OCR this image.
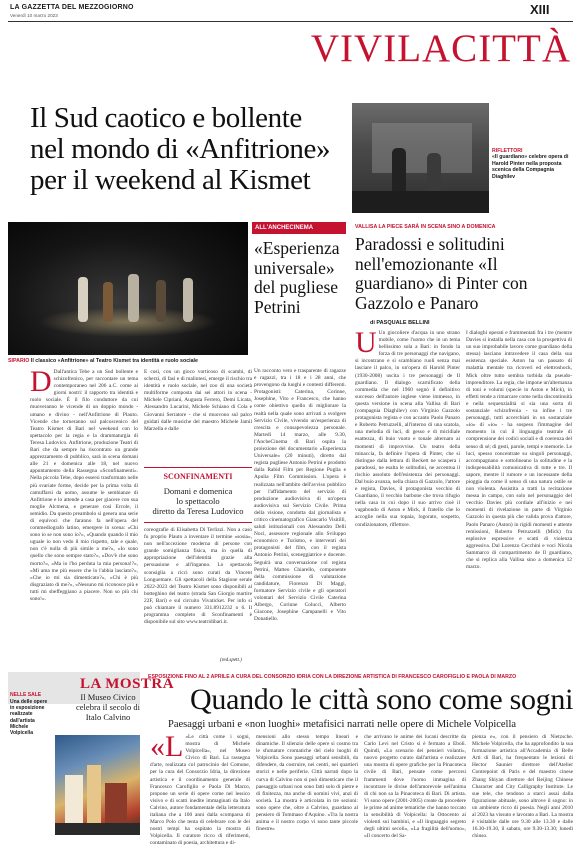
LA GAZZETTA DEL MEZZOGIORNO
Venerdì 10 marzo 2023	XIII
VIVILACITTÀ
Il Sud caotico e bollente nel mondo di «Anfitrione» per il weekend al Kismet
SIPARIO Il classico «Anfitrione» al Teatro Kismet tra identità e ruolo sociale
D Dall'antica Tebe a un Sud bollente e schizofrenico, per raccontare un tema contemporaneo nel 206 a.C. come ai giorni nostri: il rapporto tra identità e ruolo sociale. È il filo conduttore da cui muoveranno le vicende di un doppio mondo - umano e divino - nell'Anfitrione di Plauto. Vicende che torneranno sul palcoscenico del Teatro Kismet di Bari nel weekend con lo spettacolo per la regia e la drammaturgia di Teresa Ludovico. Anfitrione, produzione Teatri di Bari che da sempre ha riscontrato un grande apprezzamento di pubblico, sarà in scena domani alle 21 e domenica alle 18, nel nuovo appuntamento della Rassegna «Sconfinamenti». Nella piccola Tebe, dopo essersi trasformato nelle più svariate forme, decide per la prima volta di camuffarsi da uomo, assume le sembianze di Anfitrione e lo attende a casa per giacere con sua moglie Alcmena, e generare così Ercole, il semidio. Da questo preambolo si genera una serie di equivoci che faranno fa nell'opera del commediografo latino, emergere in scena: «Chi sono io se non sono io?», «Quando quando il mio uguale io non vedo il mio rispetto, tale e quale, non c'è nulla di più simile a me?», «Io sono quello che sono sempre stato?», «Dov'è che sono morto?», «Ma io l'ho perduta la mia persona!?», «Mi ama me più essere che lo l'abbia lasciato?», «Che io mi sia dimenticato?», «Chi è più disgraziato di me?», «Nessuno mi riconosce più e tutti mi sbeffeggiano a piacere. Non so più chi sono!».
E così, con un gioco vorticoso di scambi, di scherzi, di fasi e di malintesi, emerge il rischio tra identità e ruolo sociale, nel zoo di una società multiforme composta dai sei attori in scena - Michele Cipriani, Augusta Ferrero, Demi Licata, Alessandro Lucarini, Michele Schiano di Cola e Giovanni Serratore - che si muovono sul palco guidati dalle musiche del maestro Michele Jamil Marzella e dalle
SCONFINAMENTI
Domani e domenica
lo spettacolo
diretto da Teresa Ludovico
coreografie di Elisabetta Di Terlizzi. Non a caso fu proprio Plauto a inventare il termine «sosia», non nell'accezione moderna di persone con grande somiglianza fisica, ma in quella di appropriazione dell'identità grazie alla persuasione e all'inganno. Lo spettacolo sconsiglia a ricci sono curati da Vincent Longuemare. Gli spettacoli della Stagione serale 2022-2023 del Teatro Kismet sono disponibili al botteghino del teatro (strada San Giorgio martire 22F, Bari) e sul circuito Vivaticket. Per info si può chiamare il numero 331.8912232 o 6. Il programma completo di Sconfinamenti è disponibile sul sito www.teatridibari.it.
(red.spett.)
ALL'ANCHECINEMA
«Esperienza universale» del pugliese Petrini
Un racconto vero e trasparente di ragazze e ragazzi, tra i 18 e i 28 anni, che provengono da luoghi e contesti differenti. Protagonisti: Caterina, Corinne, Josephine, Vito e Francesco, che hanno come obiettivo quello di migliorare la realtà nella quale sono arrivati a svolgere Servizio Civile, vivendo un'esperienza di crescita e consapevolezza personale. Martedì 14 marzo, alle 9.30, l'AncheCinema di Bari ospita la proiezione del documentario «Esperienza Universale» (20 minuti), diretto dal regista pugliese Antonio Petrini e prodotto dalla Rabid Film per Regione Puglia e Apulia Film Commission. L'opera è realizzata nell'ambito dell'avviso pubblico per l'affidamento del servizio di produzione audiovisiva di un'opera audiovisiva sul Servizio Civile. Prima della visione, condotta dal giornalista e critico cinematografico Giancarlo Visitilli, saluti istituzionali con Alessandro Delli Noci, assessore regionale allo Sviluppo economico e Turismo, e interventi dei protagonisti del film, con il regista Antonio Petrini, sceneggiatrice e docente. Seguirà una conversazione col regista Petrini, Matteo Chiarello, componente della commissione di valutazione candidature, Florenzo Di Maggi, formatore Servizio civile e gli operatori volontari del Servizio Civile Caterina Albergo, Corinne Colucci, Alberto Giacone, Josephine Campanelli e Vito Donatiello.
RIFLETTORI
«Il guardiano» celebre opera di Harold Pinter nella proposta scenica della Compagnia Diaghilev
VALLISA LA PIECE SARÀ IN SCENA SINO A DOMENICA
Paradossi e solitudini nell'emozionante «Il guardiano» di Pinter con Gazzolo e Panaro
di PASQUALE BELLINI
U Un giocoliere d'acqua in uno strano mobile, come l'uomo che in un tema bellissimo sola a Bari: in fondo la forza di tre personaggi che navigano, si incontrano e si scambiano ruoli senza mai lasciare il palco, in un'opera di Harold Pinter (1930-2008) uscita i tre personaggi de Il guardiano. Il dialogo scarnificato della commedia che nel 1960 segnò il definitivo successo dell'autore inglese viene immesso, in questa versione in scena alla Vallisa di Bari (compagnia Diaghilev) con Virginio Gazzolo protagonista regista e con accanto Paolo Panaro e Roberto Petruzzelli, all'interno di una scatola, una melodia di luci, di gesso e di micidiale esattezza, di buio vuoto e tonale alternato ai momenti di improvvise. Un teatro della minaccia, fa definire l'opera di Pinter, che si distingue dalla lettura di Beckett ne scaspera i paradossi, ne esalta le solitudini, ne accentua il rischio assoluto dell'esistenza dei personaggi. Dal buio avanza, nella chiara di Gazzolo, l'attore e regista, Davies, il protagonista vecchio di Guardiano, il vecchio barbone che trova rifugio nella casa in cui dopo il suo arrivo cioè il vagabondo di Aston e Mick, il fratello che lo accoglie nella sua topaia, logorato, sospetto, condizionatore, riflettore.
I dialoghi operati e frammentati fra i tre (mentre Davies si installa nella casa con la prospettiva di un suo improbabile lavoro come guardiano della stessa) lasciano intravedere il casa della sua esistenza speciale. Aston ha un passato di malattia mentale tra ricoveri ed elettroshock, Mick oltre tutto sembra torbida da pseudo-imprenditore. La regia, che impone un'alternanza di toni e volumi (specie in Aston e Mick), in effetti tende a rimarcare come nella discontinuità e nella sequenzialità si sia una sorta di sostanziale schizofrenia - va infine i tre personaggi, tutti accerchiati in un sostanziale «io» di «io» - ha sospeso l'immagine del momento in cui il linguaggio teatrale di comprensione dei codici sociali e di coerenza del senso di sé; di gesti, parole, tempi e memorie. Le luci, spesso concentrate su singoli personaggi, accompagnano e sottolineano la solitudine e la indispensabilità comunicativa di tutte e tre. Il sapore, mentre il rumore e un incessante della pioggia da come il senso di una natura ostile se non violenta. Assistita a tratti la recitazione messa in campo, con solo nel personaggio del vecchio Davies più cordiale all'inizio e nei momenti di rivelazione in parte di Virginio Gazzolo in questa più che valida prova d'attore, Paolo Panaro (Aston) in rigidi momenti e attente remissioni, Roberto Petruzzelli (Mick) fra esplosive espressive e scatti di violenza aggressiva. Dal Lorenzo Cecchini e voci Nicola Sammarco di compartimento de Il guardiano, che si replica alla Vallisa sino a domenica 12 marzo.
LA MOSTRA
Il Museo Civico celebra il secolo di Italo Calvino
NELLE SALE
Una delle opere in esposizione realizzate dall'artista Michele Volpicella
ESPOSIZIONE FINO AL 2 APRILE A CURA DEL CONSORZIO IDRIA CON LA DIREZIONE ARTISTICA DI FRANCESCO CAROFIGLIO E PAOLA DI MARZO
Quando le città sono come sogni
Paesaggi urbani e «non luoghi» metafisici narrati nelle opere di Michele Volpicella
«L «Le città come i sogni, mostra di Michele Volpicella», nel Museo Civico di Bari. La rassegna d'arte, realizzata col patrocinio del Comune, per la cura del Consorzio Idria, la direzione artistica e il coordinamento generale di Francesco Carofiglio e Paola Di Marzo, propone un serie di opere come nel lessico visivo e di scatti inedite immaginati da Italo Calvino, autore fondamentale della letteratura italiana che a 100 anni dalla scomparsa di Marco Polo che tenta di celebrare con le dei nostri tempi ha ospitato la mostra di Volpicella. Il curatore ricco di riferimenti, contaminato di poesia, architettura e di-
mensioni allo stesso tempo lineari e dinamiche. Il silenzio delle opere si cosmo tra le sfumature cromatiche del cielo luoghi di Volpicella. Sono paesaggi urbani sensibili, da difendere, da costruire, nei centri, nei quartieri storici e nelle periferie. Città narrati dopo la curva di Calvino non si può dimenticare che il paesaggio urbani non sono fatti solo di pietre e di finitezza, ma anche di uomini vivi, anzi di società. La mostra è articolata in tre sezioni: sono opere che, oltre a Calvino, guardano al pensiero di Tommaso d'Aquino. «Tra la nostra anima e il nostro corpo vi sono tante piccole finestre»
che arrivano le anime dei lucani descritte da Carlo Levi nel Cristo si è fermato a Eboli. Quindi, «Lo scenario dei pensieri volanti», nuovo progetto curato dall'artista e realizzare una mostra di opere grafiche per la Pinacoteca civile di Bari, pensate come percorsi frammenti dove l'uomo immagina di incontrare le divise dell'amorevole nell'anima di chi non sa la Pinacoteca di Bari. Di artista. Vi sono opere (2001-2005) create da procedere le prime ad anime tematiche che hanno toccato la sensibilità di Volpicella: la Ottocento ai violenti sui bambini, e «Il linguaggio segreto degli ultimi secoli», «La fragilità dell'uomo», «Il concerto del Sa-
pienza e», con il pensiero di Nietzsche. Michele Volpicella, che ha approfondito la sua formazione artistica all'Accademia di Belle Arti di Bari, ha frequentato le lezioni di Hector Saunier direttore dell'Atelier Contrepoint di Paris e del maestro cinese Zhang Shiyan direttore del Beijing Chinese Character and City Calligraphy Institute. Le sue tele, che tendono a starci assai dalla figurazione abituale, sono altrove il sogno: in un ambiente ricco di poesia. Negli anni 2010 al 2023 ha vissuto e lavorato a Bari. La mostra è visitabile dalle ore 9.30 alle 13.30 e dalle 16.30-19.30, il sabato, ore 9.30-13.30; lunedì chiuso.
